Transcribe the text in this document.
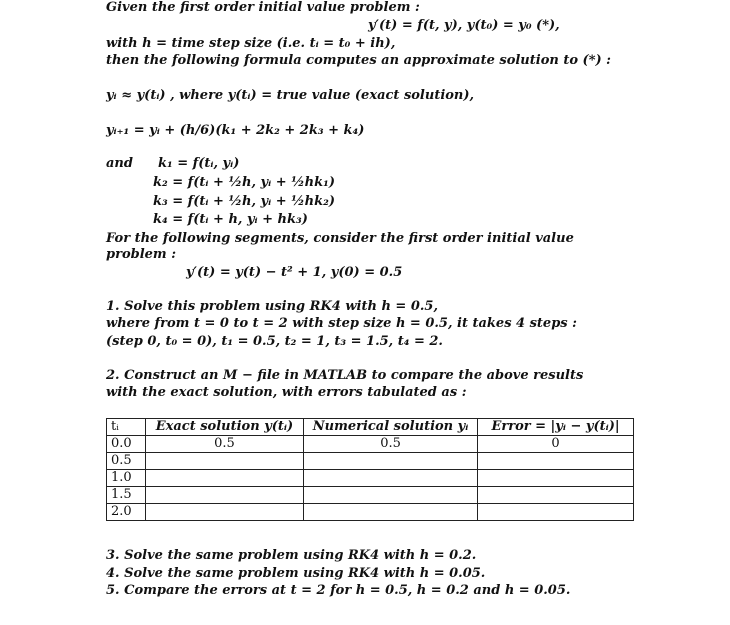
Given the first order initial value problem :
y′(t) = f(t, y), y(t₀) = y₀ (*),
with h = time step size (i.e. tᵢ = t₀ + ih),
then the following formula computes an approximate solution to (*) :
yᵢ ≈ y(tᵢ) , where y(tᵢ) = true value (exact solution),
yᵢ₊₁ = yᵢ + (h/6)(k₁ + 2k₂ + 2k₃ + k₄)
and k₁ = f(tᵢ, yᵢ)
k₂ = f(tᵢ + ½h, yᵢ + ½hk₁)
k₃ = f(tᵢ + ½h, yᵢ + ½hk₂)
k₄ = f(tᵢ + h, yᵢ + hk₃)
For the following segments, consider the first order initial value
problem :
y′(t) = y(t) − t² + 1, y(0) = 0.5
1. Solve this problem using RK4 with h = 0.5,
where from t = 0 to t = 2 with step size h = 0.5, it takes 4 steps :
(step 0, t₀ = 0), t₁ = 0.5, t₂ = 1, t₃ = 1.5, t₄ = 2.
2. Construct an M − file in MATLAB to compare the above results
with the exact solution, with errors tabulated as :
tᵢ	Exact solution y(tᵢ)	Numerical solution yᵢ	Error = |yᵢ − y(tᵢ)|
0.0	0.5	0.5	0
0.5			
1.0			
1.5			
2.0			
3. Solve the same problem using RK4 with h = 0.2.
4. Solve the same problem using RK4 with h = 0.05.
5. Compare the errors at t = 2 for h = 0.5, h = 0.2 and h = 0.05.
